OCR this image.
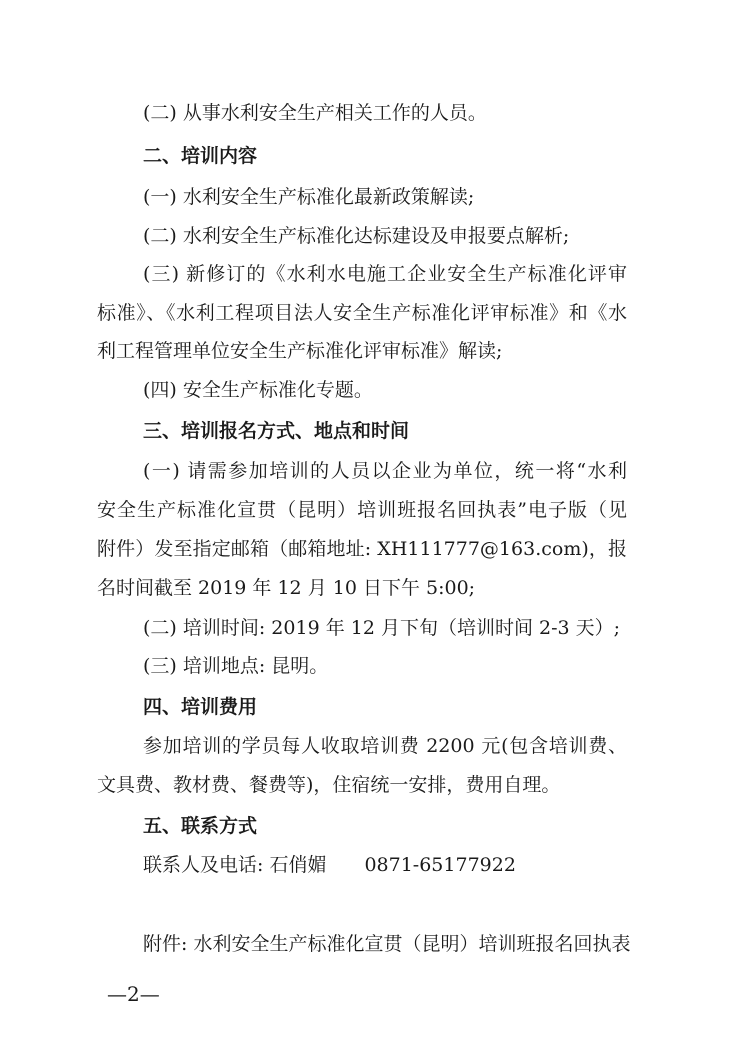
(二) 从事水利安全生产相关工作的人员。
二、培训内容
(一) 水利安全生产标准化最新政策解读;
(二) 水利安全生产标准化达标建设及申报要点解析;
(三) 新修订的《水利水电施工企业安全生产标准化评审
标准》、《水利工程项目法人安全生产标准化评审标准》和《水
利工程管理单位安全生产标准化评审标准》解读;
(四) 安全生产标准化专题。
三、培训报名方式、地点和时间
(一) 请需参加培训的人员以企业为单位，统一将“水利
安全生产标准化宣贯（昆明）培训班报名回执表”电子版（见
附件）发至指定邮箱（邮箱地址: XH111777@163.com)，报
名时间截至 2019 年 12 月 10 日下午 5:00;
(二) 培训时间: 2019 年 12 月下旬（培训时间 2-3 天）;
(三) 培训地点: 昆明。
四、培训费用
参加培训的学员每人收取培训费 2200 元(包含培训费、
文具费、教材费、餐费等)，住宿统一安排，费用自理。
五、联系方式
联系人及电话: 石俏媚　　0871-65177922
附件: 水利安全生产标准化宣贯（昆明）培训班报名回执表
—2—
